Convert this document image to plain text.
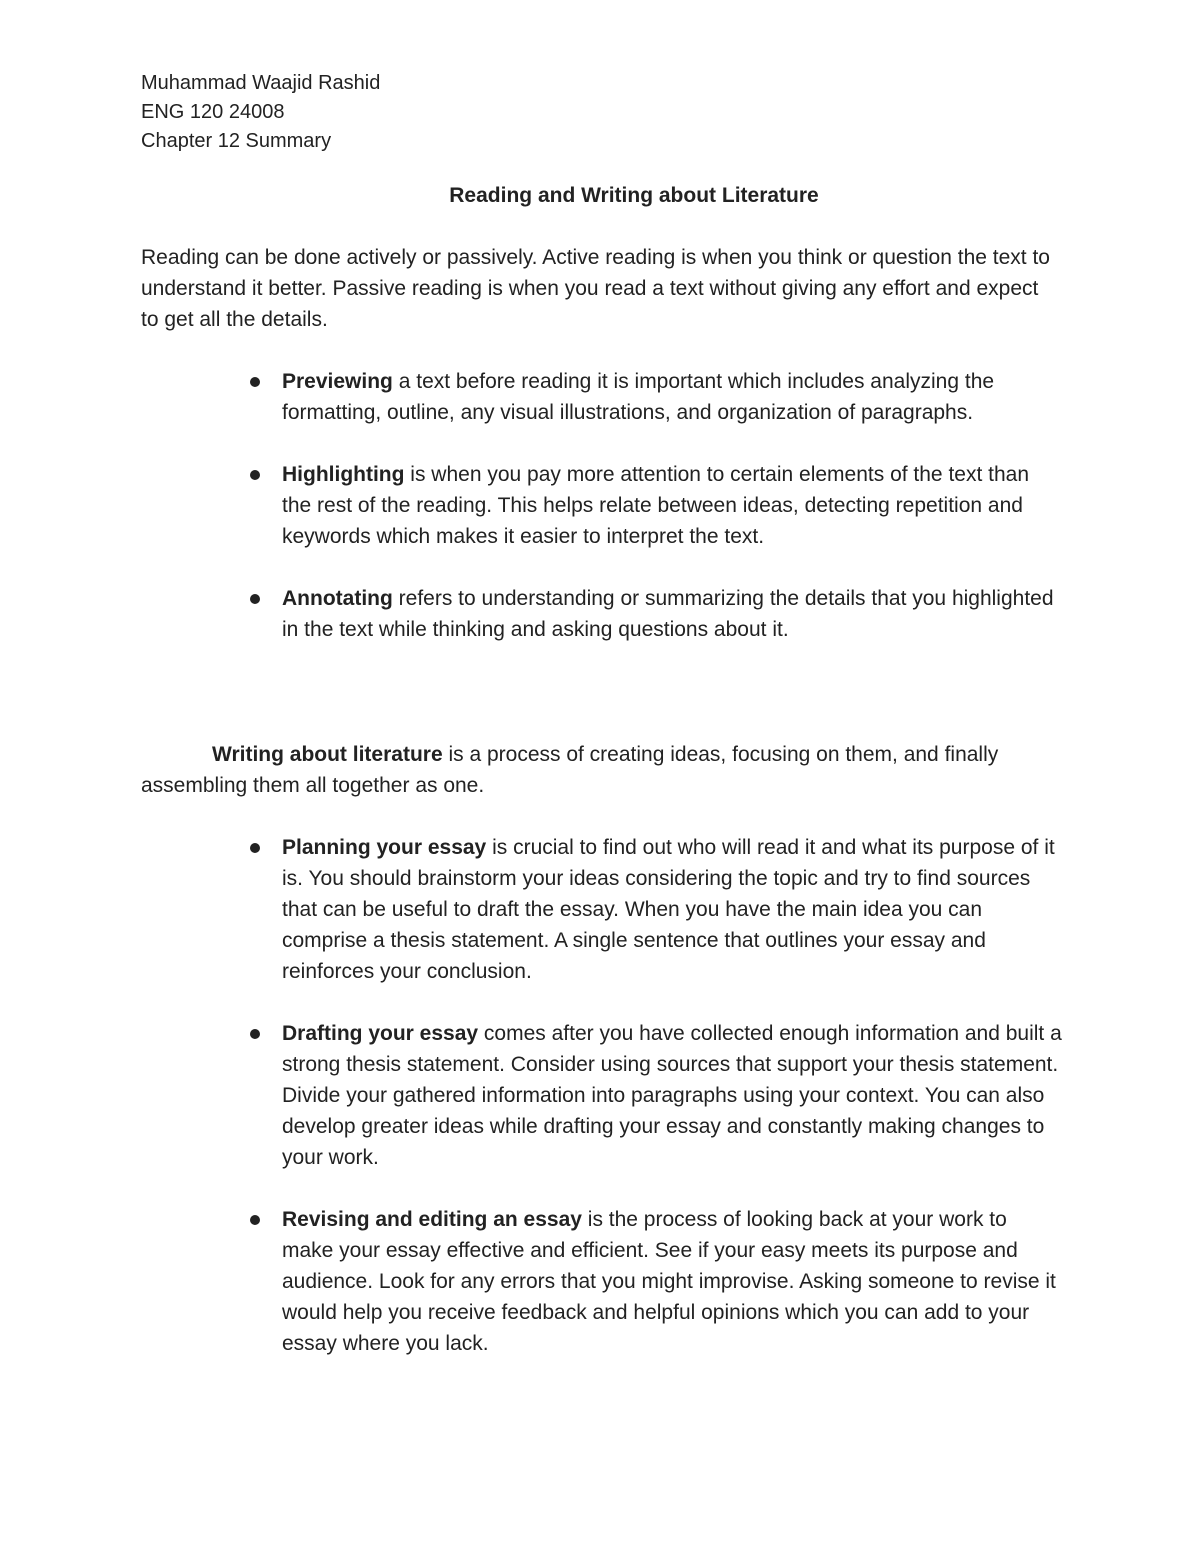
Muhammad Waajid Rashid
ENG 120 24008
Chapter 12 Summary
Reading and Writing about Literature

Reading can be done actively or passively. Active reading is when you think or question the text to understand it better. Passive reading is when you read a text without giving any effort and expect to get all the details.

Previewing a text before reading it is important which includes analyzing the formatting, outline, any visual illustrations, and organization of paragraphs.
Highlighting is when you pay more attention to certain elements of the text than the rest of the reading. This helps relate between ideas, detecting repetition and keywords which makes it easier to interpret the text.
Annotating refers to understanding or summarizing the details that you highlighted in the text while thinking and asking questions about it.

Writing about literature is a process of creating ideas, focusing on them, and finally assembling them all together as one.

Planning your essay is crucial to find out who will read it and what its purpose of it is. You should brainstorm your ideas considering the topic and try to find sources that can be useful to draft the essay. When you have the main idea you can comprise a thesis statement. A single sentence that outlines your essay and reinforces your conclusion.
Drafting your essay comes after you have collected enough information and built a strong thesis statement. Consider using sources that support your thesis statement. Divide your gathered information into paragraphs using your context. You can also develop greater ideas while drafting your essay and constantly making changes to your work.
Revising and editing an essay is the process of looking back at your work to make your essay effective and efficient. See if your easy meets its purpose and audience. Look for any errors that you might improvise. Asking someone to revise it would help you receive feedback and helpful opinions which you can add to your essay where you lack.
